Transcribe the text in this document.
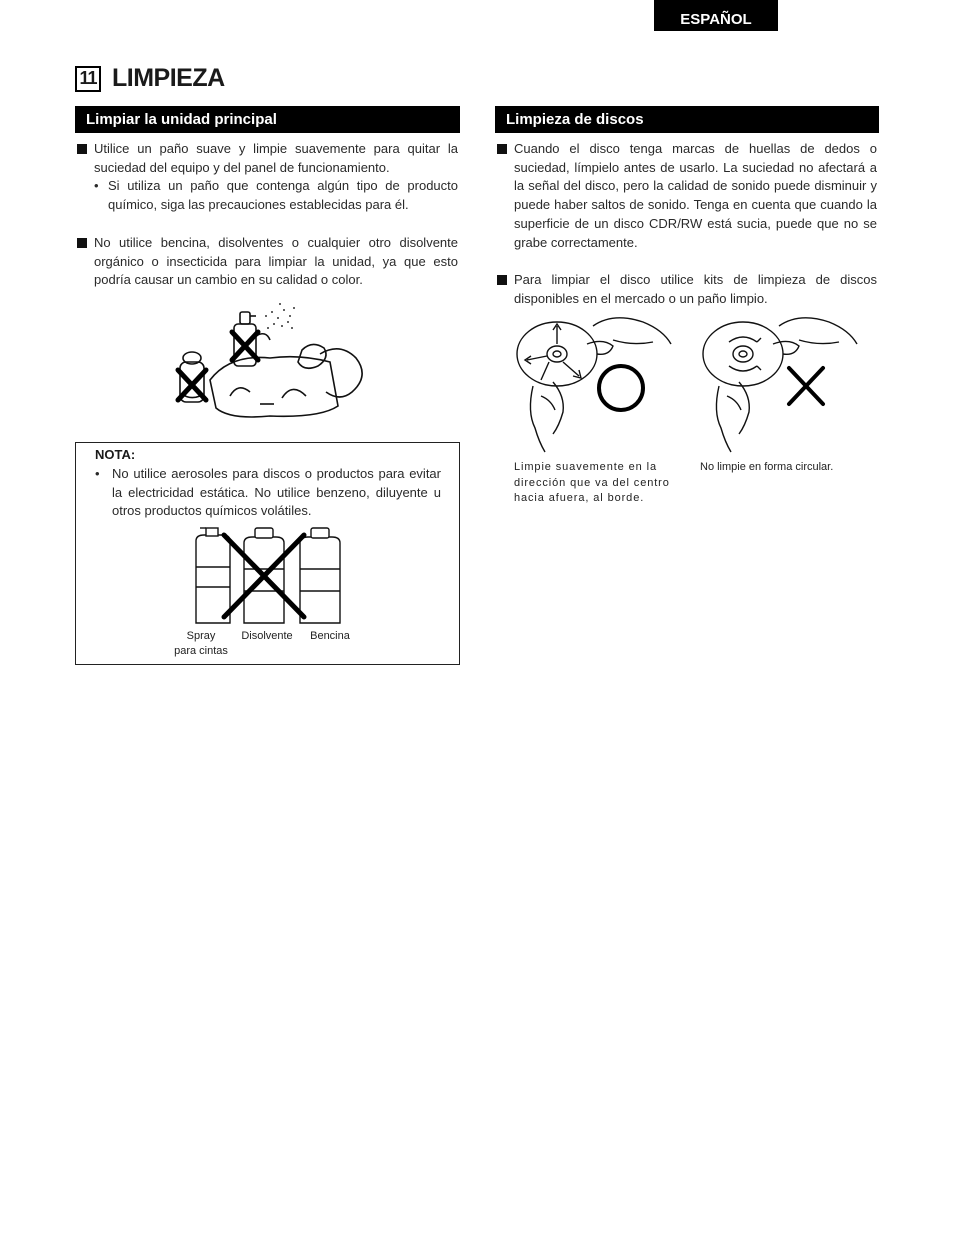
ESPAÑOL
11 LIMPIEZA
Limpiar la unidad principal
Utilice un paño suave y limpie suavemente para quitar la suciedad del equipo y del panel de funcionamiento.
• Si utiliza un paño que contenga algún tipo de producto químico, siga las precauciones establecidas para él.
No utilice bencina, disolventes o cualquier otro disolvente orgánico o insecticida para limpiar la unidad, ya que esto podría causar un cambio en su calidad o color.
NOTA:
• No utilice aerosoles para discos o productos para evitar la electricidad estática. No utilice benzeno, diluyente u otros productos químicos volátiles.
Spray
para cintas
Disolvente	Bencina
Limpieza de discos
Cuando el disco tenga marcas de huellas de dedos o suciedad, límpielo antes de usarlo. La suciedad no afectará a la señal del disco, pero la calidad de sonido puede disminuir y puede haber saltos de sonido. Tenga en cuenta que cuando la superficie de un disco CDR/RW está sucia, puede que no se grabe correctamente.
Para limpiar el disco utilice kits de limpieza de discos disponibles en el mercado o un paño limpio.
Limpie suavemente en la dirección que va del centro hacia afuera, al borde.
No limpie en forma circular.
